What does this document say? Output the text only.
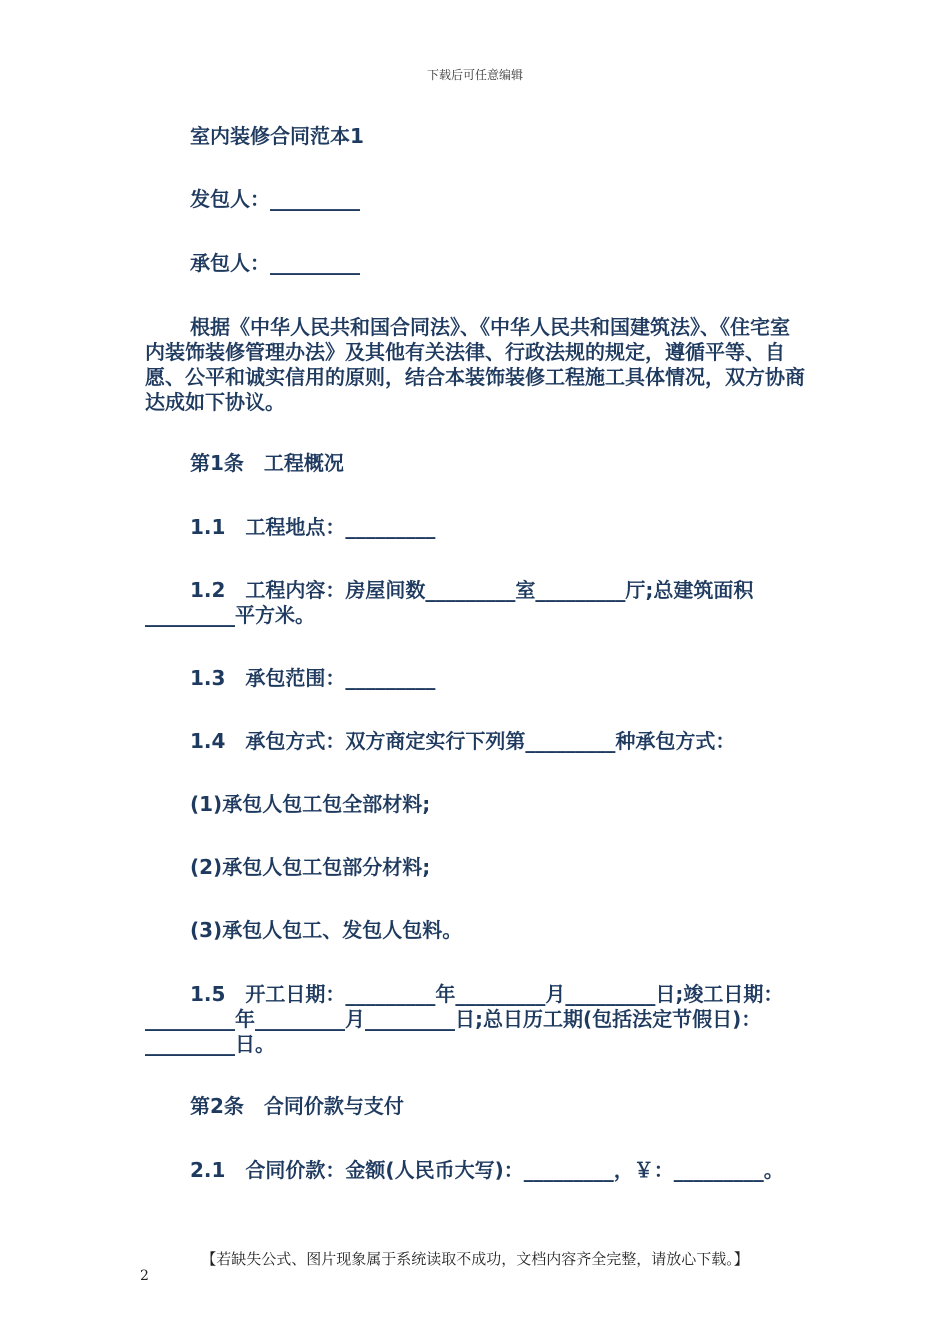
下载后可任意编辑
室内装修合同范本1
发包人：_________
承包人：_________
根据《中华人民共和国合同法》、《中华人民共和国建筑法》、《住宅室内装饰装修管理办法》及其他有关法律、行政法规的规定，遵循平等、自愿、公平和诚实信用的原则，结合本装饰装修工程施工具体情况，双方协商达成如下协议。
第1条　工程概况
1.1　工程地点：_________
1.2　工程内容：房屋间数_________室_________厅;总建筑面积_________平方米。
1.3　承包范围：_________
1.4　承包方式：双方商定实行下列第_________种承包方式：
(1)承包人包工包全部材料;
(2)承包人包工包部分材料;
(3)承包人包工、发包人包料。
1.5　开工日期：_________年_________月_________日;竣工日期：_________年_________月_________日;总日历工期(包括法定节假日)：_________日。
第2条　合同价款与支付
2.1　合同价款：金额(人民币大写)：_________，￥：_________。
【若缺失公式、图片现象属于系统读取不成功，文档内容齐全完整，请放心下载。】
2
